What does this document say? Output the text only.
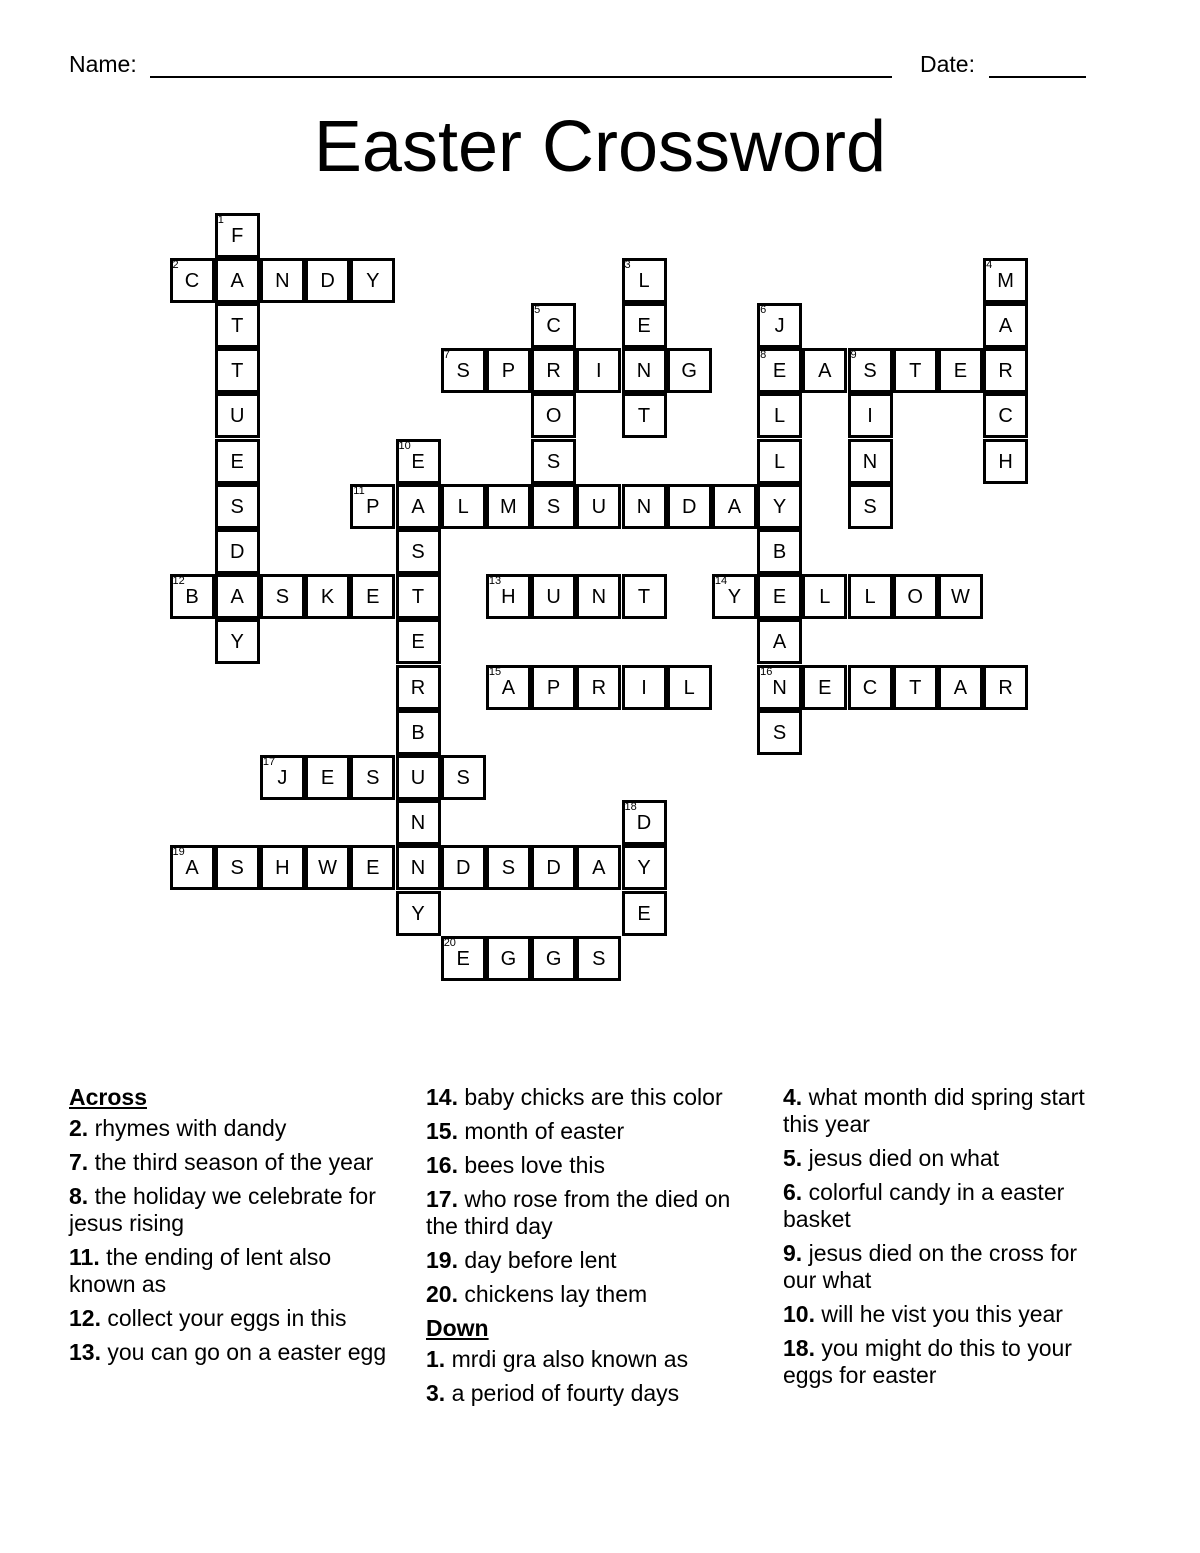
Name:	Date:
Easter Crossword
1
F
A
T
T
U
E
S
D
A
Y
2
C	N	D	Y
3
L
E
N
T
4
M
A
R
C
H
5
C
R
O
S
S
6
J
8
E
L
L
Y
B
E
A
16
N
S
7
S	P	I	G	A
9
S	T	E
I
N
S
10
E
A
S
T
E
R
B
U
N
N
Y
11
P	L	M	U	N	D	A
12
B	S	K	E
13
H	U	N	T
14
Y	L	L	O	W
15
A	P	R	I	L	E	C	T	A	R
17
J	E	S	S
18
D
Y
E
19
A	S	H	W	E	D	S	D	A
20
E	G	G	S
Across
2. rhymes with dandy
7. the third season of the year
8. the holiday we celebrate for jesus rising
11. the ending of lent also known as
12. collect your eggs in this
13. you can go on a easter egg
14. baby chicks are this color
15. month of easter
16. bees love this
17. who rose from the died on the third day
19. day before lent
20. chickens lay them
Down
1. mrdi gra also known as
3. a period of fourty days
4. what month did spring start this year
5. jesus died on what
6. colorful candy in a easter basket
9. jesus died on the cross for our what
10. will he vist you this year
18. you might do this to your eggs for easter
